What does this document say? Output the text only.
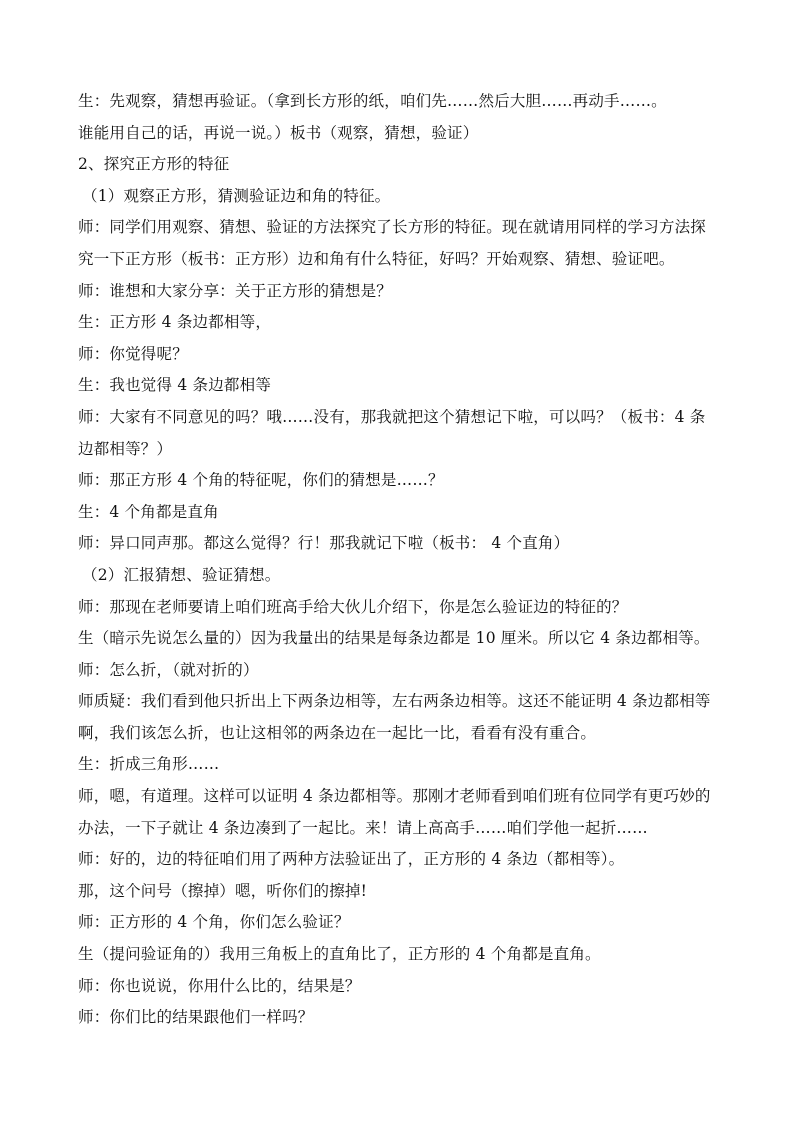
生：先观察，猜想再验证。（拿到长方形的纸，咱们先……然后大胆……再动手……。
谁能用自己的话，再说一说。）板书（观察，猜想，验证）
2、探究正方形的特征
（1）观察正方形，猜测验证边和角的特征。
师：同学们用观察、猜想、验证的方法探究了长方形的特征。现在就请用同样的学习方法探
究一下正方形（板书：正方形）边和角有什么特征，好吗？开始观察、猜想、验证吧。
师：谁想和大家分享：关于正方形的猜想是？
生：正方形 4 条边都相等，
师：你觉得呢？
生：我也觉得 4 条边都相等
师：大家有不同意见的吗？哦……没有，那我就把这个猜想记下啦，可以吗？（板书：4 条
边都相等？）
师：那正方形 4 个角的特征呢，你们的猜想是……？
生：4 个角都是直角
师：异口同声那。都这么觉得？行！那我就记下啦（板书： 4 个直角）
（2）汇报猜想、验证猜想。
师：那现在老师要请上咱们班高手给大伙儿介绍下，你是怎么验证边的特征的？
生（暗示先说怎么量的）因为我量出的结果是每条边都是 10 厘米。所以它 4 条边都相等。
师：怎么折，（就对折的）
师质疑：我们看到他只折出上下两条边相等，左右两条边相等。这还不能证明 4 条边都相等
啊，我们该怎么折，也让这相邻的两条边在一起比一比，看看有没有重合。
生：折成三角形……
师，嗯，有道理。这样可以证明 4 条边都相等。那刚才老师看到咱们班有位同学有更巧妙的
办法，一下子就让 4 条边凑到了一起比。来！请上高高手……咱们学他一起折……
师：好的，边的特征咱们用了两种方法验证出了，正方形的 4 条边（都相等）。
那，这个问号（擦掉）嗯，听你们的擦掉!
师：正方形的 4 个角，你们怎么验证？
生（提问验证角的）我用三角板上的直角比了，正方形的 4 个角都是直角。
师：你也说说，你用什么比的，结果是？
师：你们比的结果跟他们一样吗？
